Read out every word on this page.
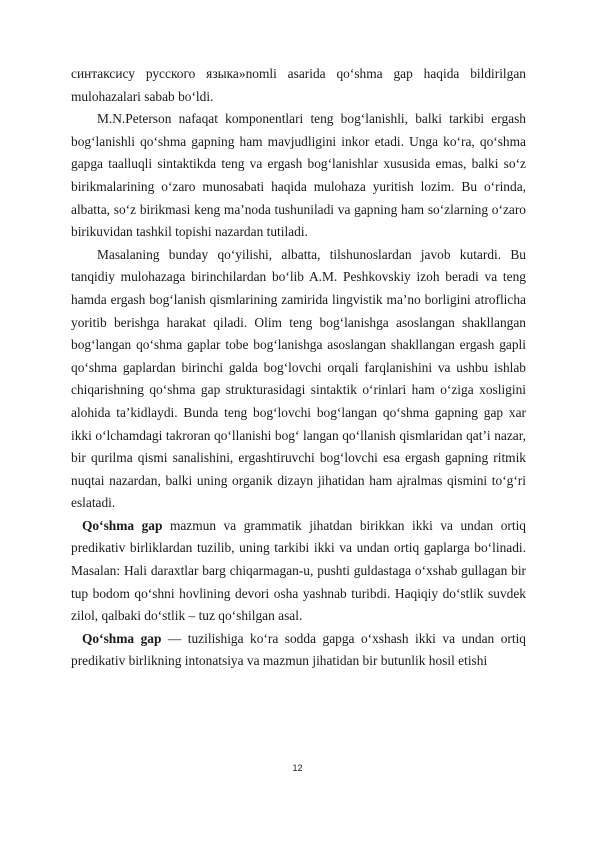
синтаксису русского языка»nomli asarida qo‘shma gap haqida bildirilgan mulohazalari sabab bo‘ldi.

M.N.Peterson nafaqat komponentlari teng bog‘lanishli, balki tarkibi ergash bog‘lanishli qo‘shma gapning ham mavjudligini inkor etadi. Unga ko‘ra, qo‘shma gapga taalluqli sintaktikda teng va ergash bog‘lanishlar xususida emas, balki so‘z birikmalarining o‘zaro munosabati haqida mulohaza yuritish lozim. Bu o‘rinda, albatta, so‘z birikmasi keng ma’noda tushuniladi va gapning ham so‘zlarning o‘zaro birikuvidan tashkil topishi nazardan tutiladi.

Masalaning bunday qo‘yilishi, albatta, tilshunoslardan javob kutardi. Bu tanqidiy mulohazaga birinchilardan bo‘lib A.M. Peshkovskiy izoh beradi va teng hamda ergash bog‘lanish qismlarining zamirida lingvistik ma’no borligini atroflicha yoritib berishga harakat qiladi. Olim teng bog‘lanishga asoslangan shakllangan bog‘langan qo‘shma gaplar tobe bog‘lanishga asoslangan shakllangan ergash gapli qo‘shma gaplardan birinchi galda bog‘lovchi orqali farqlanishini va ushbu ishlab chiqarishning qo‘shma gap strukturasidagi sintaktik o‘rinlari ham o‘ziga xosligini alohida ta’kidlaydi. Bunda teng bog‘lovchi bog‘langan qo‘shma gapning gap xar ikki o‘lchamdagi takroran qo‘llanishi bog‘ langan qo‘llanish qismlaridan qat’i nazar, bir qurilma qismi sanalishini, ergashtiruvchi bog‘lovchi esa ergash gapning ritmik nuqtai nazardan, balki uning organik dizayn jihatidan ham ajralmas qismini to‘g‘ri eslatadi.

Qo‘shma gap mazmun va grammatik jihatdan birikkan ikki va undan ortiq predikativ birliklardan tuzilib, uning tarkibi ikki va undan ortiq gaplarga bo‘linadi. Masalan: Hali daraxtlar barg chiqarmagan-u, pushti guldastaga o‘xshab gullagan bir tup bodom qo‘shni hovlining devori osha yashnab turibdi. Haqiqiy do‘stlik suvdek zilol, qalbaki do‘stlik – tuz qo‘shilgan asal.

Qo‘shma gap — tuzilishiga ko‘ra sodda gapga o‘xshash ikki va undan ortiq predikativ birlikning intonatsiya va mazmun jihatidan bir butunlik hosil etishi

12
